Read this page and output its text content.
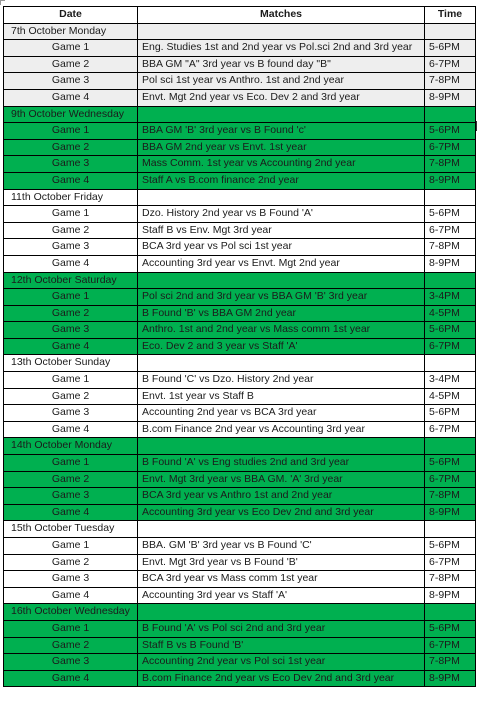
Date	Matches	Time
7th October Monday		
Game 1	Eng. Studies 1st and 2nd year vs Pol.sci 2nd and 3rd year	5-6PM
Game 2	BBA GM "A" 3rd year vs B found day "B"	6-7PM
Game 3	Pol sci 1st year vs Anthro. 1st and 2nd year	7-8PM
Game 4	Envt. Mgt 2nd year vs Eco. Dev 2 and 3rd year	8-9PM
9th October Wednesday		
Game 1	BBA GM 'B' 3rd year vs B Found 'c'	5-6PM
Game 2	BBA GM 2nd year vs Envt. 1st year	6-7PM
Game 3	Mass Comm. 1st year vs Accounting 2nd year	7-8PM
Game 4	Staff A vs B.com finance 2nd year	8-9PM
11th October Friday		
Game 1	Dzo. History 2nd year vs B Found 'A'	5-6PM
Game 2	Staff B vs Env. Mgt 3rd year	6-7PM
Game 3	BCA 3rd year vs Pol sci 1st year	7-8PM
Game 4	Accounting 3rd year vs Envt. Mgt 2nd year	8-9PM
12th October Saturday		
Game 1	Pol sci 2nd and 3rd year vs BBA GM 'B' 3rd year	3-4PM
Game 2	B Found 'B' vs BBA GM 2nd year	4-5PM
Game 3	Anthro. 1st and 2nd year vs Mass comm 1st year	5-6PM
Game 4	Eco. Dev 2 and 3 year vs Staff 'A'	6-7PM
13th October Sunday		
Game 1	B Found 'C' vs Dzo. History 2nd year	3-4PM
Game 2	Envt. 1st year vs Staff B	4-5PM
Game 3	Accounting 2nd year vs BCA 3rd year	5-6PM
Game 4	B.com Finance 2nd year vs Accounting 3rd year	6-7PM
14th October Monday		
Game 1	B Found 'A' vs Eng studies 2nd and 3rd year	5-6PM
Game 2	Envt. Mgt 3rd year vs BBA GM. 'A' 3rd year	6-7PM
Game 3	BCA 3rd year vs Anthro 1st and 2nd year	7-8PM
Game 4	Accounting 3rd year vs Eco Dev 2nd and 3rd year	8-9PM
15th October Tuesday		
Game 1	BBA. GM 'B' 3rd year vs B Found 'C'	5-6PM
Game 2	Envt. Mgt 3rd year vs B Found 'B'	6-7PM
Game 3	BCA 3rd year vs Mass comm 1st year	7-8PM
Game 4	Accounting 3rd year vs Staff 'A'	8-9PM
16th October Wednesday		
Game 1	B Found 'A' vs Pol sci 2nd and 3rd year	5-6PM
Game 2	Staff B vs B Found 'B'	6-7PM
Game 3	Accounting 2nd year vs Pol sci 1st year	7-8PM
Game 4	B.com Finance 2nd year vs Eco Dev 2nd and 3rd year	8-9PM
